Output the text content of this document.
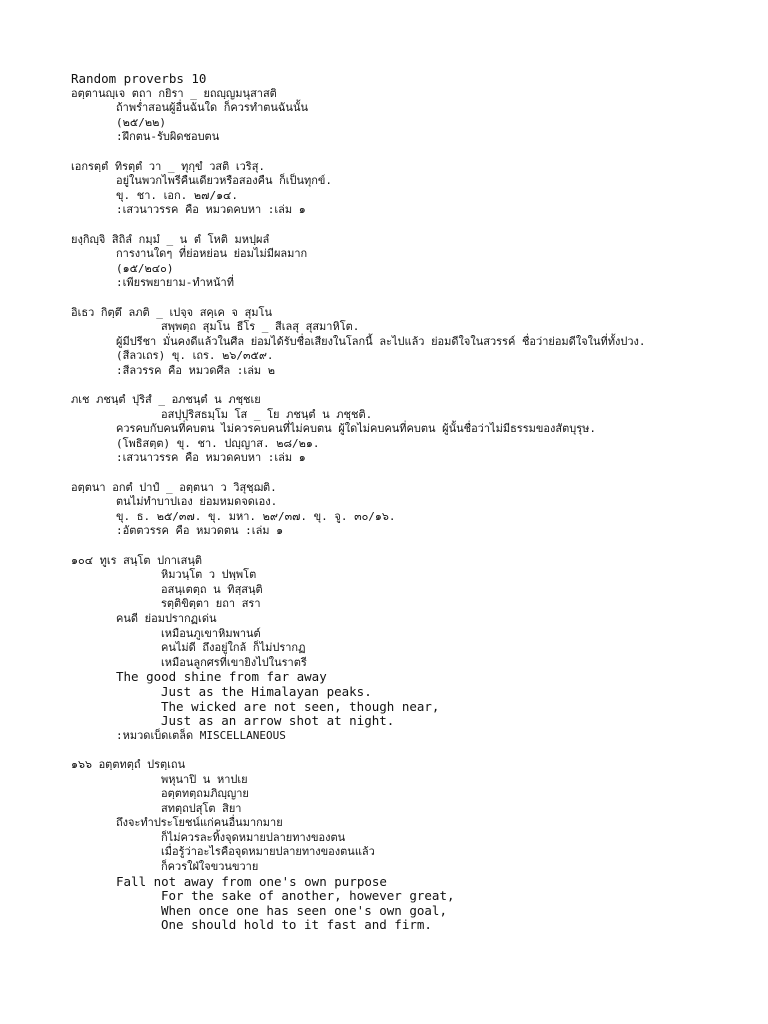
Random proverbs 10
อตฺตานญฺเจ ตถา กยิรา _ ยถญฺญมนุสาสติ
ถ้าพร่ำสอนผู้อื่นฉันใด ก็ควรทำตนฉันนั้น
(๒๕/๒๒)
:ฝึกตน-รับผิดชอบตน
เอกรตฺตํ ทิรตฺตํ วา _ ทุกฺขํ วสติ เวริสุ.
อยู่ในพวกไพรีคืนเดียวหรือสองคืน ก็เป็นทุกข์.
ขุ. ชา. เอก. ๒๗/๑๔.
:เสวนาวรรค คือ หมวดคบหา :เล่ม ๑
ยงฺกิญฺจิ สิถิลํ กมฺมํ _ น ตํ โหติ มหปฺผลํ
การงานใดๆ ที่ย่อหย่อน ย่อมไม่มีผลมาก
(๑๕/๒๔๐)
:เพียรพยายาม-ทำหน้าที่
อิเธว กิตฺตึ ลภติ _ เปจฺจ สคฺเค จ สุมโน
สพฺพตฺถ สุมโน ธีโร _ สีเลสุ สุสมาหิโต.
ผู้มีปรีชา มั่นคงดีแล้วในศีล ย่อมได้รับชื่อเสียงในโลกนี้ ละไปแล้ว ย่อมดีใจในสวรรค์ ชื่อว่าย่อมดีใจในที่ทั้งปวง.
(สีลวเถร) ขุ. เถร. ๒๖/๓๕๙.
:สีลวรรค คือ หมวดศีล :เล่ม ๒
ภเช ภชนฺตํ ปุริสํ _ อภชนฺตํ น ภชฺชเย
อสปฺปุริสธมฺโม โส _ โย ภชนฺตํ น ภชฺชติ.
ควรคบกับคนที่คบตน ไม่ควรคบคนที่ไม่คบตน ผู้ใดไม่คบคนที่คบตน ผู้นั้นชื่อว่าไม่มีธรรมของสัตบุรุษ.
(โพธิสตฺต) ขุ. ชา. ปญฺญาส. ๒๘/๒๑.
:เสวนาวรรค คือ หมวดคบหา :เล่ม ๑
อตฺตนา อกตํ ปาปํ _ อตฺตนา ว วิสุชฺฌติ.
ตนไม่ทำบาปเอง ย่อมหมดจดเอง.
ขุ. ธ. ๒๕/๓๗. ขุ. มหา. ๒๙/๓๗. ขุ. จู. ๓๐/๑๖.
:อัตตวรรค คือ หมวดตน :เล่ม ๑
๑๐๔ ทูเร สนฺโต ปกาเสนฺติ
หิมวนฺโต ว ปพฺพโต
อสนฺเตตฺถ น ทิสฺสนฺติ
รตฺติขิตฺตา ยถา สรา
คนดี ย่อมปรากฏเด่น
เหมือนภูเขาหิมพานต์
คนไม่ดี ถึงอยู่ใกล้ ก็ไม่ปรากฏ
เหมือนลูกศรที่เขายิงไปในราตรี
The good shine from far away
Just as the Himalayan peaks.
The wicked are not seen, though near,
Just as an arrow shot at night.
:หมวดเบ็ดเตล็ด MISCELLANEOUS
๑๖๖ อตฺตทตฺถํ ปรตฺเถน
พหุนาปิ น หาปเย
อตฺตทตฺถมภิญฺญาย
สทตฺถปสุโต สิยา
ถึงจะทำประโยชน์แก่คนอื่นมากมาย
ก็ไม่ควรละทิ้งจุดหมายปลายทางของตน
เมื่อรู้ว่าอะไรคือจุดหมายปลายทางของตนแล้ว
ก็ควรใฝ่ใจขวนขวาย
Fall not away from one's own purpose
For the sake of another, however great,
When once one has seen one's own goal,
One should hold to it fast and firm.
